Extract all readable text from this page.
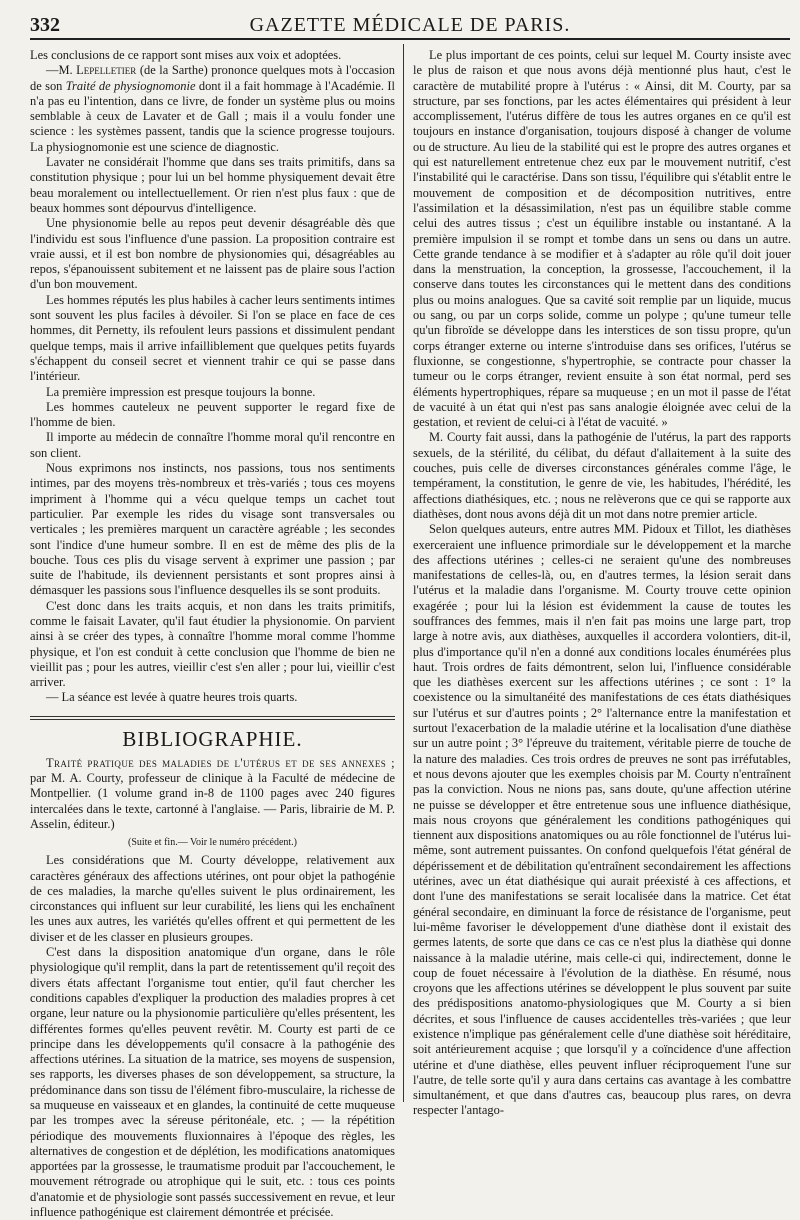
332	GAZETTE MÉDICALE DE PARIS.

Les conclusions de ce rapport sont mises aux voix et adoptées.

—M. Lepelletier (de la Sarthe) prononce quelques mots à l'occasion de son Traité de physiognomonie dont il a fait hommage à l'Académie. Il n'a pas eu l'intention, dans ce livre, de fonder un système plus ou moins semblable à ceux de Lavater et de Gall ; mais il a voulu fonder une science : les systèmes passent, tandis que la science progresse toujours. La physiognomonie est une science de diagnostic.

Lavater ne considérait l'homme que dans ses traits primitifs, dans sa constitution physique ; pour lui un bel homme physiquement devait être beau moralement ou intellectuellement. Or rien n'est plus faux : que de beaux hommes sont dépourvus d'intelligence.

Une physionomie belle au repos peut devenir désagréable dès que l'individu est sous l'influence d'une passion. La proposition contraire est vraie aussi, et il est bon nombre de physionomies qui, désagréables au repos, s'épanouissent subitement et ne laissent pas de plaire sous l'action d'un bon mouvement.

Les hommes réputés les plus habiles à cacher leurs sentiments intimes sont souvent les plus faciles à dévoiler. Si l'on se place en face de ces hommes, dit Pernetty, ils refoulent leurs passions et dissimulent pendant quelque temps, mais il arrive infailliblement que quelques petits fuyards s'échappent du conseil secret et viennent trahir ce qui se passe dans l'intérieur.

La première impression est presque toujours la bonne.

Les hommes cauteleux ne peuvent supporter le regard fixe de l'homme de bien.

Il importe au médecin de connaître l'homme moral qu'il rencontre en son client.

Nous exprimons nos instincts, nos passions, tous nos sentiments intimes, par des moyens très-nombreux et très-variés ; tous ces moyens impriment à l'homme qui a vécu quelque temps un cachet tout particulier. Par exemple les rides du visage sont transversales ou verticales ; les premières marquent un caractère agréable ; les secondes sont l'indice d'une humeur sombre. Il en est de même des plis de la bouche. Tous ces plis du visage servent à exprimer une passion ; par suite de l'habitude, ils deviennent persistants et sont propres ainsi à démasquer les passions sous l'influence desquelles ils se sont produits.

C'est donc dans les traits acquis, et non dans les traits primitifs, comme le faisait Lavater, qu'il faut étudier la physionomie. On parvient ainsi à se créer des types, à connaître l'homme moral comme l'homme physique, et l'on est conduit à cette conclusion que l'homme de bien ne vieillit pas ; pour les autres, vieillir c'est s'en aller ; pour lui, vieillir c'est arriver.

— La séance est levée à quatre heures trois quarts.

BIBLIOGRAPHIE.

Traité pratique des maladies de l'utérus et de ses annexes ; par M. A. Courty, professeur de clinique à la Faculté de médecine de Montpellier. (1 volume grand in-8 de 1100 pages avec 240 figures intercalées dans le texte, cartonné à l'anglaise. — Paris, librairie de M. P. Asselin, éditeur.)

(Suite et fin.— Voir le numéro précédent.)

Les considérations que M. Courty développe, relativement aux caractères généraux des affections utérines, ont pour objet la pathogénie de ces maladies, la marche qu'elles suivent le plus ordinairement, les circonstances qui influent sur leur curabilité, les liens qui les enchaînent les unes aux autres, les variétés qu'elles offrent et qui permettent de les diviser et de les classer en plusieurs groupes.

C'est dans la disposition anatomique d'un organe, dans le rôle physiologique qu'il remplit, dans la part de retentissement qu'il reçoit des divers états affectant l'organisme tout entier, qu'il faut chercher les conditions capables d'expliquer la production des maladies propres à cet organe, leur nature ou la physionomie particulière qu'elles présentent, les différentes formes qu'elles peuvent revêtir. M. Courty est parti de ce principe dans les développements qu'il consacre à la pathogénie des affections utérines. La situation de la matrice, ses moyens de suspension, ses rapports, les diverses phases de son développement, sa structure, la prédominance dans son tissu de l'élément fibro-musculaire, la richesse de sa muqueuse en vaisseaux et en glandes, la continuité de cette muqueuse par les trompes avec la séreuse péritonéale, etc. ; — la répétition périodique des mouvements fluxionnaires à l'époque des règles, les alternatives de congestion et de déplétion, les modifications anatomiques apportées par la grossesse, le traumatisme produit par l'accouchement, le mouvement rétrograde ou atrophique qui le suit, etc. : tous ces points d'anatomie et de physiologie sont passés successivement en revue, et leur influence pathogénique est clairement démontrée et précisée.

Le plus important de ces points, celui sur lequel M. Courty insiste avec le plus de raison et que nous avons déjà mentionné plus haut, c'est le caractère de mutabilité propre à l'utérus : « Ainsi, dit M. Courty, par sa structure, par ses fonctions, par les actes élémentaires qui président à leur accomplissement, l'utérus diffère de tous les autres organes en ce qu'il est toujours en instance d'organisation, toujours disposé à changer de volume ou de structure. Au lieu de la stabilité qui est le propre des autres organes et qui est naturellement entretenue chez eux par le mouvement nutritif, c'est l'instabilité qui le caractérise. Dans son tissu, l'équilibre qui s'établit entre le mouvement de composition et de décomposition nutritives, entre l'assimilation et la désassimilation, n'est pas un équilibre stable comme celui des autres tissus ; c'est un équilibre instable ou instantané. A la première impulsion il se rompt et tombe dans un sens ou dans un autre. Cette grande tendance à se modifier et à s'adapter au rôle qu'il doit jouer dans la menstruation, la conception, la grossesse, l'accouchement, il la conserve dans toutes les circonstances qui le mettent dans des conditions plus ou moins analogues. Que sa cavité soit remplie par un liquide, mucus ou sang, ou par un corps solide, comme un polype ; qu'une tumeur telle qu'un fibroïde se développe dans les interstices de son tissu propre, qu'un corps étranger externe ou interne s'introduise dans ses orifices, l'utérus se fluxionne, se congestionne, s'hypertrophie, se contracte pour chasser la tumeur ou le corps étranger, revient ensuite à son état normal, perd ses éléments hypertrophiques, répare sa muqueuse ; en un mot il passe de l'état de vacuité à un état qui n'est pas sans analogie éloignée avec celui de la gestation, et revient de celui-ci à l'état de vacuité. »

M. Courty fait aussi, dans la pathogénie de l'utérus, la part des rapports sexuels, de la stérilité, du célibat, du défaut d'allaitement à la suite des couches, puis celle de diverses circonstances générales comme l'âge, le tempérament, la constitution, le genre de vie, les habitudes, l'hérédité, les affections diathésiques, etc. ; nous ne relèverons que ce qui se rapporte aux diathèses, dont nous avons déjà dit un mot dans notre premier article.

Selon quelques auteurs, entre autres MM. Pidoux et Tillot, les diathèses exerceraient une influence primordiale sur le développement et la marche des affections utérines ; celles-ci ne seraient qu'une des nombreuses manifestations de celles-là, ou, en d'autres termes, la lésion serait dans l'utérus et la maladie dans l'organisme. M. Courty trouve cette opinion exagérée ; pour lui la lésion est évidemment la cause de toutes les souffrances des femmes, mais il n'en fait pas moins une large part, trop large à notre avis, aux diathèses, auxquelles il accordera volontiers, dit-il, plus d'importance qu'il n'en a donné aux conditions locales énumérées plus haut. Trois ordres de faits démontrent, selon lui, l'influence considérable que les diathèses exercent sur les affections utérines ; ce sont : 1° la coexistence ou la simultanéité des manifestations de ces états diathésiques sur l'utérus et sur d'autres points ; 2° l'alternance entre la manifestation et surtout l'exacerbation de la maladie utérine et la localisation d'une diathèse sur un autre point ; 3° l'épreuve du traitement, véritable pierre de touche de la nature des maladies. Ces trois ordres de preuves ne sont pas irréfutables, et nous devons ajouter que les exemples choisis par M. Courty n'entraînent pas la conviction. Nous ne nions pas, sans doute, qu'une affection utérine ne puisse se développer et être entretenue sous une influence diathésique, mais nous croyons que généralement les conditions pathogéniques qui tiennent aux dispositions anatomiques ou au rôle fonctionnel de l'utérus lui-même, sont autrement puissantes. On confond quelquefois l'état général de dépérissement et de débilitation qu'entraînent secondairement les affections utérines, avec un état diathésique qui aurait préexisté à ces affections, et dont l'une des manifestations se serait localisée dans la matrice. Cet état général secondaire, en diminuant la force de résistance de l'organisme, peut lui-même favoriser le développement d'une diathèse dont il existait des germes latents, de sorte que dans ce cas ce n'est plus la diathèse qui donne naissance à la maladie utérine, mais celle-ci qui, indirectement, donne le coup de fouet nécessaire à l'évolution de la diathèse. En résumé, nous croyons que les affections utérines se développent le plus souvent par suite des prédispositions anatomo-physiologiques que M. Courty a si bien décrites, et sous l'influence de causes accidentelles très-variées ; que leur existence n'implique pas généralement celle d'une diathèse soit héréditaire, soit antérieurement acquise ; que lorsqu'il y a coïncidence d'une affection utérine et d'une diathèse, elles peuvent influer réciproquement l'une sur l'autre, de telle sorte qu'il y aura dans certains cas avantage à les combattre simultanément, et que dans d'autres cas, beaucoup plus rares, on devra respecter l'antago-
